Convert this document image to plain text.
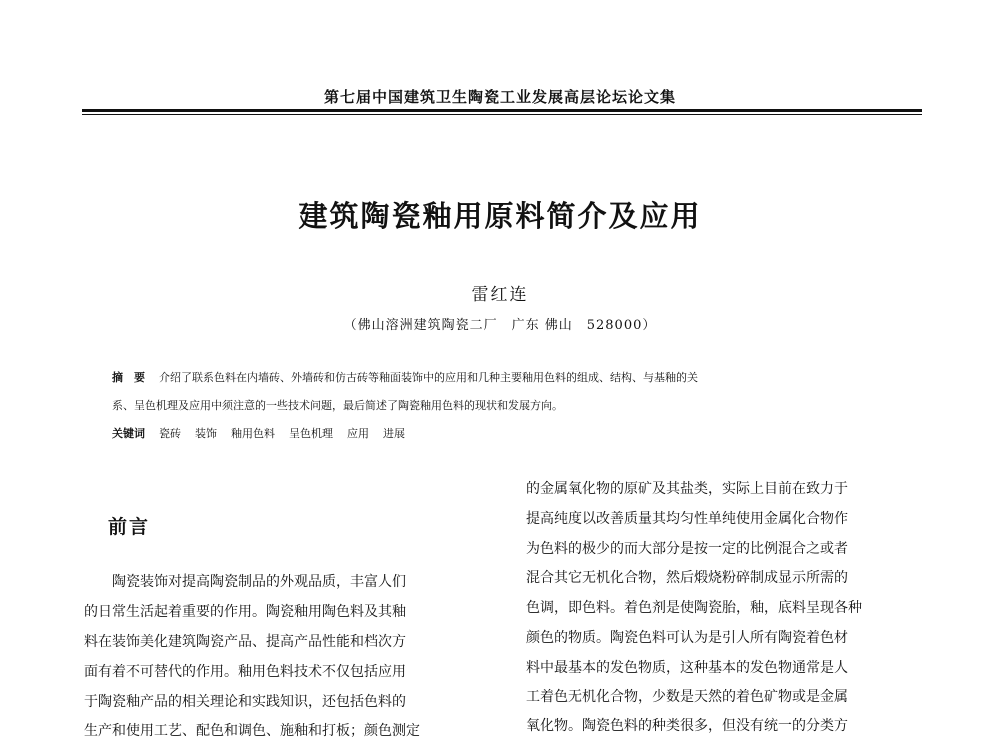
第七届中国建筑卫生陶瓷工业发展高层论坛论文集
建筑陶瓷釉用原料简介及应用
雷红连
（佛山溶洲建筑陶瓷二厂　广东 佛山　528000）
摘　要 介绍了联系色料在内墙砖、外墙砖和仿古砖等釉面装饰中的应用和几种主要釉用色料的组成、结构、与基釉的关
系、呈色机理及应用中须注意的一些技术问题，最后简述了陶瓷釉用色料的现状和发展方向。
关键词 瓷砖 装饰 釉用色料 呈色机理 应用 进展
前言
陶瓷装饰对提高陶瓷制品的外观品质，丰富人们
的日常生活起着重要的作用。陶瓷釉用陶色料及其釉
料在装饰美化建筑陶瓷产品、提高产品性能和档次方
面有着不可替代的作用。釉用色料技术不仅包括应用
于陶瓷釉产品的相关理论和实践知识，还包括色料的
生产和使用工艺、配色和调色、施釉和打板；颜色测定
的金属氧化物的原矿及其盐类，实际上目前在致力于
提高纯度以改善质量其均匀性单纯使用金属化合物作
为色料的极少的而大部分是按一定的比例混合之或者
混合其它无机化合物，然后煅烧粉碎制成显示所需的
色调，即色料。着色剂是使陶瓷胎，釉，底料呈现各种
颜色的物质。陶瓷色料可认为是引人所有陶瓷着色材
料中最基本的发色物质，这种基本的发色物通常是人
工着色无机化合物，少数是天然的着色矿物或是金属
氧化物。陶瓷色料的种类很多，但没有统一的分类方
